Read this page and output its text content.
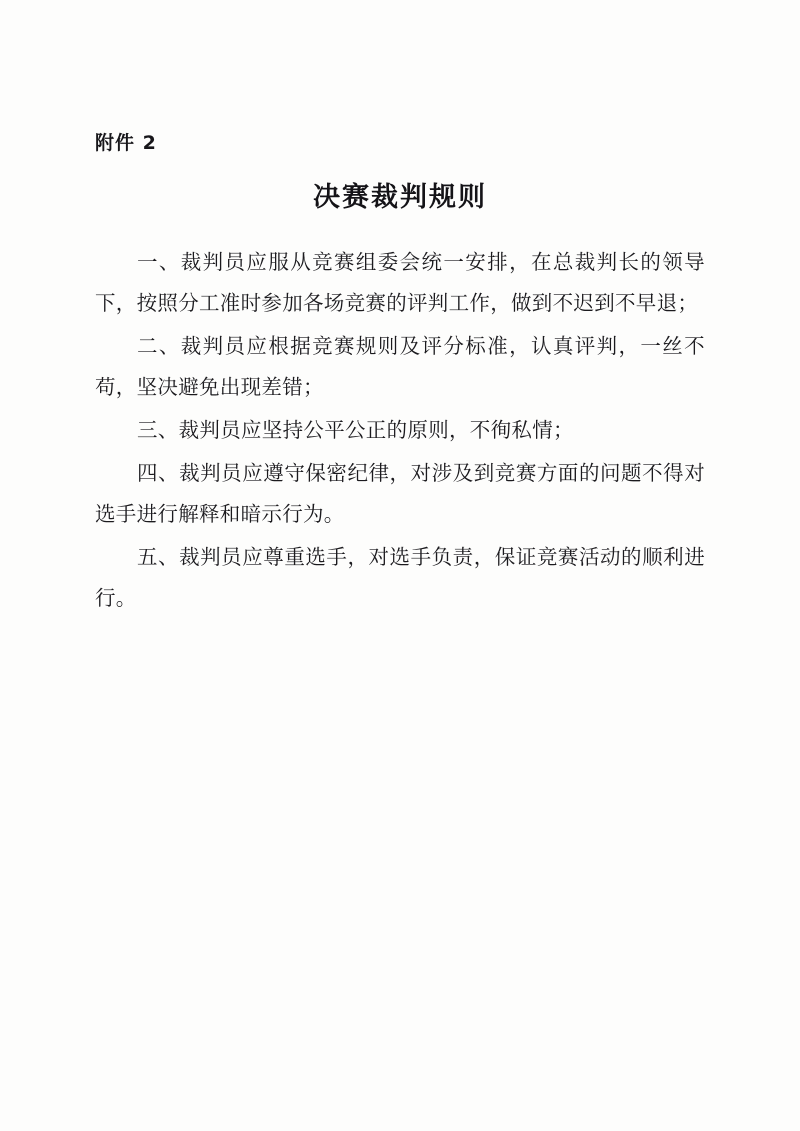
附件 2
决赛裁判规则

一、裁判员应服从竞赛组委会统一安排，在总裁判长的领导下，按照分工准时参加各场竞赛的评判工作，做到不迟到不早退；

二、裁判员应根据竞赛规则及评分标准，认真评判，一丝不苟，坚决避免出现差错；

三、裁判员应坚持公平公正的原则，不徇私情；

四、裁判员应遵守保密纪律，对涉及到竞赛方面的问题不得对选手进行解释和暗示行为。

五、裁判员应尊重选手，对选手负责，保证竞赛活动的顺利进行。
